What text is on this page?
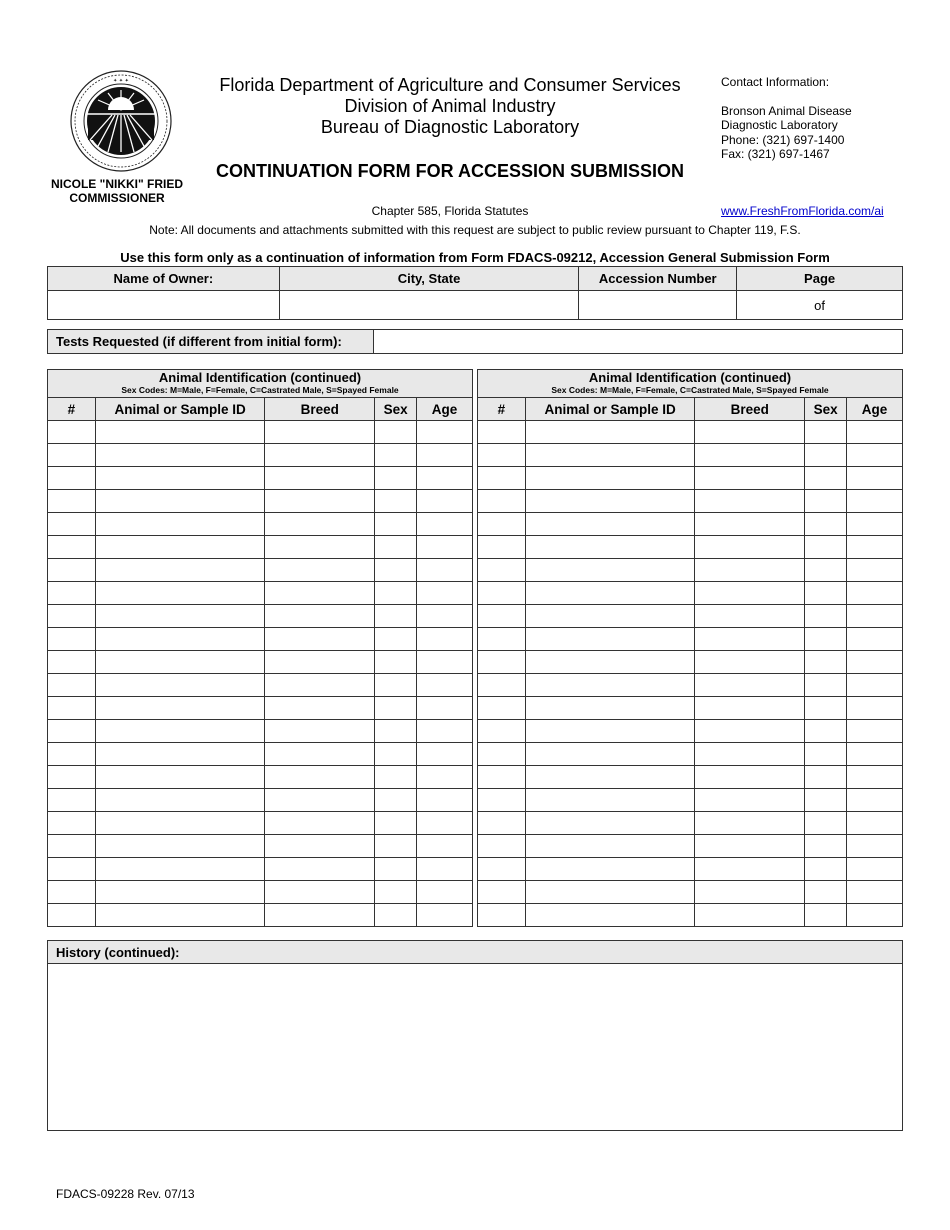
✦ ✦ ✦
NICOLE "NIKKI" FRIED
COMMISSIONER
Florida Department of Agriculture and Consumer Services
Division of Animal Industry
Bureau of Diagnostic Laboratory
CONTINUATION FORM FOR ACCESSION SUBMISSION
Contact Information:
Bronson Animal Disease
Diagnostic Laboratory
Phone: (321) 697-1400
Fax: (321) 697-1467
Chapter 585, Florida Statutes	www.FreshFromFlorida.com/ai
Note: All documents and attachments submitted with this request are subject to public review pursuant to Chapter 119, F.S.
Use this form only as a continuation of information from Form FDACS-09212, Accession General Submission Form
Name of Owner:	City, State	Accession Number	Page
			of
Tests Requested (if different from initial form):	
Animal Identification (continued)
Sex Codes: M=Male, F=Female, C=Castrated Male, S=Spayed Female				

#	Animal or Sample ID	Breed	Sex	Age

Animal Identification (continued)
Sex Codes: M=Male, F=Female, C=Castrated Male, S=Spayed Female				

#	Animal or Sample ID	Breed	Sex	Age

History (continued):

FDACS-09228 Rev. 07/13
